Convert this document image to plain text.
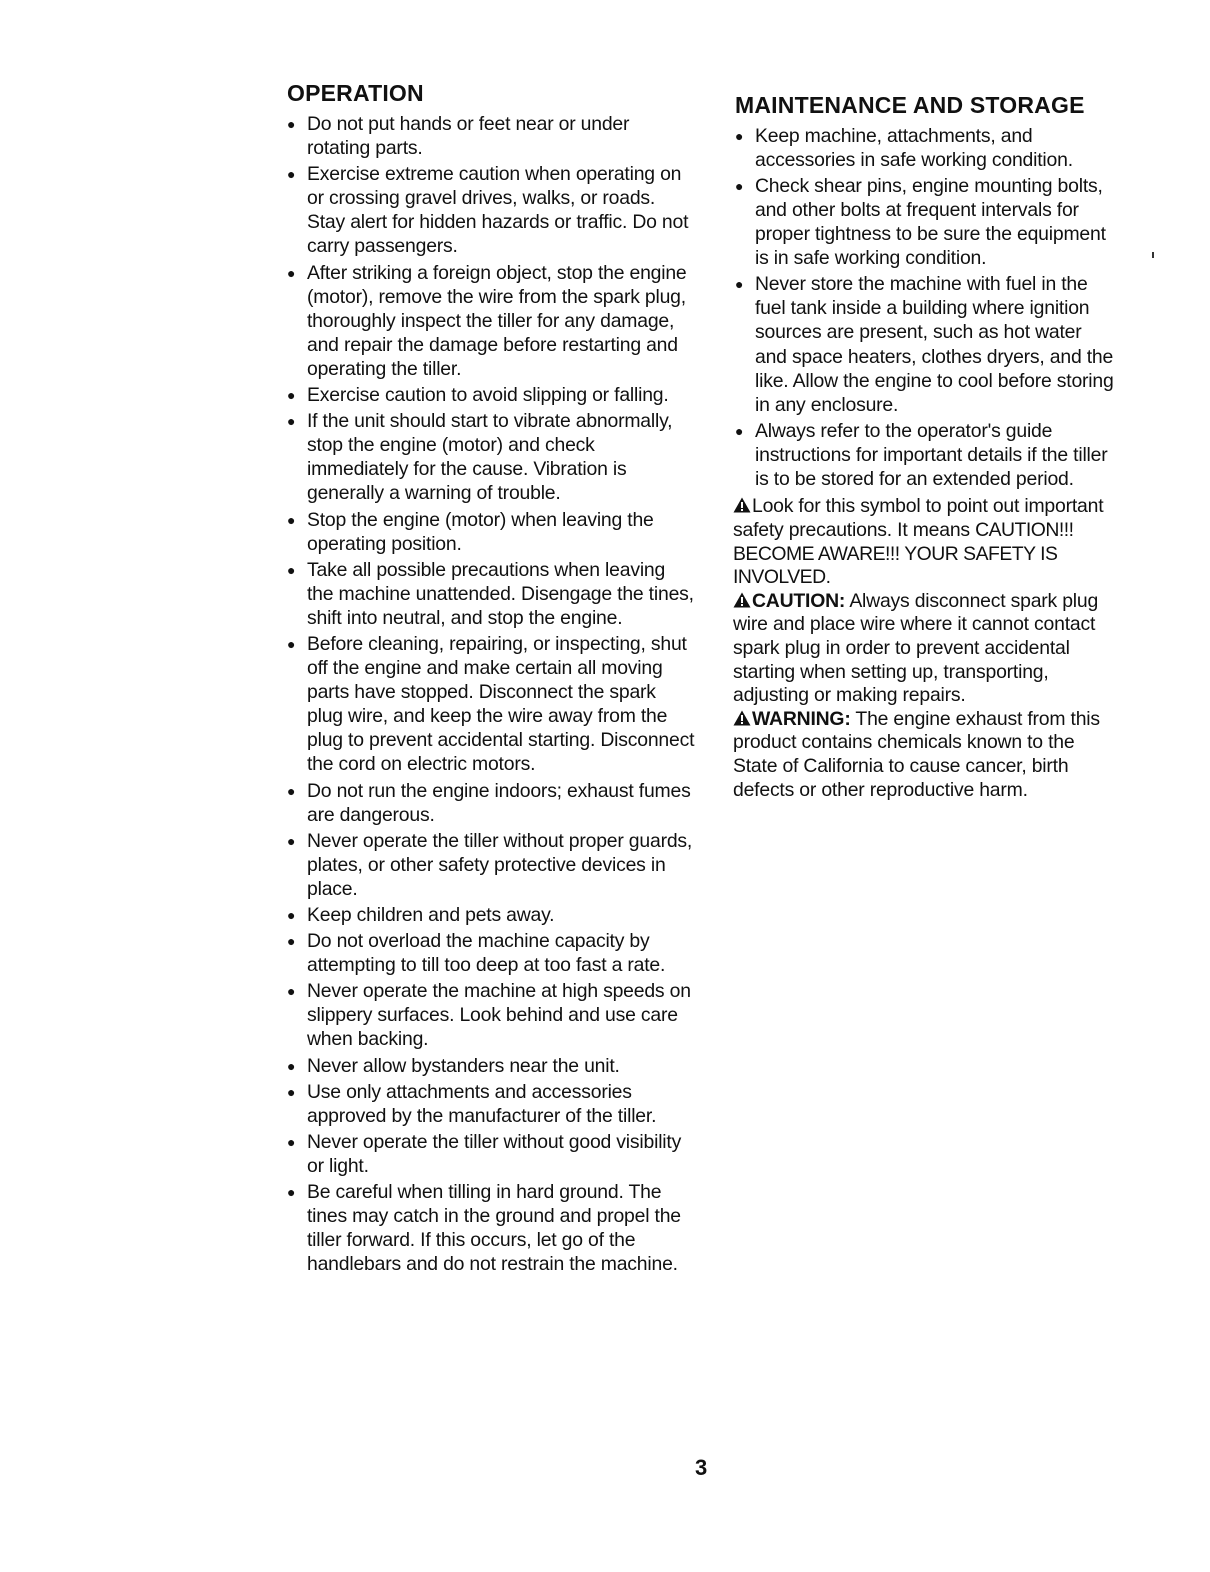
OPERATION
● Do not put hands or feet near or under rotating parts.
● Exercise extreme caution when operating on or crossing gravel drives, walks, or roads. Stay alert for hidden hazards or traffic. Do not carry passengers.
● After striking a foreign object, stop the engine (motor), remove the wire from the spark plug, thoroughly inspect the tiller for any damage, and repair the damage before restarting and operating the tiller.
● Exercise caution to avoid slipping or falling.
● If the unit should start to vibrate abnormally, stop the engine (motor) and check immediately for the cause. Vibration is generally a warning of trouble.
● Stop the engine (motor) when leaving the operating position.
● Take all possible precautions when leaving the machine unattended. Disengage the tines, shift into neutral, and stop the engine.
● Before cleaning, repairing, or inspecting, shut off the engine and make certain all moving parts have stopped. Disconnect the spark plug wire, and keep the wire away from the plug to prevent accidental starting. Disconnect the cord on electric motors.
● Do not run the engine indoors; exhaust fumes are dangerous.
● Never operate the tiller without proper guards, plates, or other safety protective devices in place.
● Keep children and pets away.
● Do not overload the machine capacity by attempting to till too deep at too fast a rate.
● Never operate the machine at high speeds on slippery surfaces. Look behind and use care when backing.
● Never allow bystanders near the unit.
● Use only attachments and accessories approved by the manufacturer of the tiller.
● Never operate the tiller without good visibility or light.
● Be careful when tilling in hard ground. The tines may catch in the ground and propel the tiller forward. If this occurs, let go of the handlebars and do not restrain the machine.
MAINTENANCE AND STORAGE
● Keep machine, attachments, and accessories in safe working condition.
● Check shear pins, engine mounting bolts, and other bolts at frequent intervals for proper tightness to be sure the equipment is in safe working condition.
● Never store the machine with fuel in the fuel tank inside a building where ignition sources are present, such as hot water and space heaters, clothes dryers, and the like. Allow the engine to cool before storing in any enclosure.
● Always refer to the operator's guide instructions for important details if the tiller is to be stored for an extended period.

Look for this symbol to point out important safety precautions. It means CAUTION!!! BECOME AWARE!!! YOUR SAFETY IS INVOLVED.

CAUTION: Always disconnect spark plug wire and place wire where it cannot contact spark plug in order to prevent accidental starting when setting up, transporting, adjusting or making repairs.

WARNING: The engine exhaust from this product contains chemicals known to the State of California to cause cancer, birth defects or other reproductive harm.

3
